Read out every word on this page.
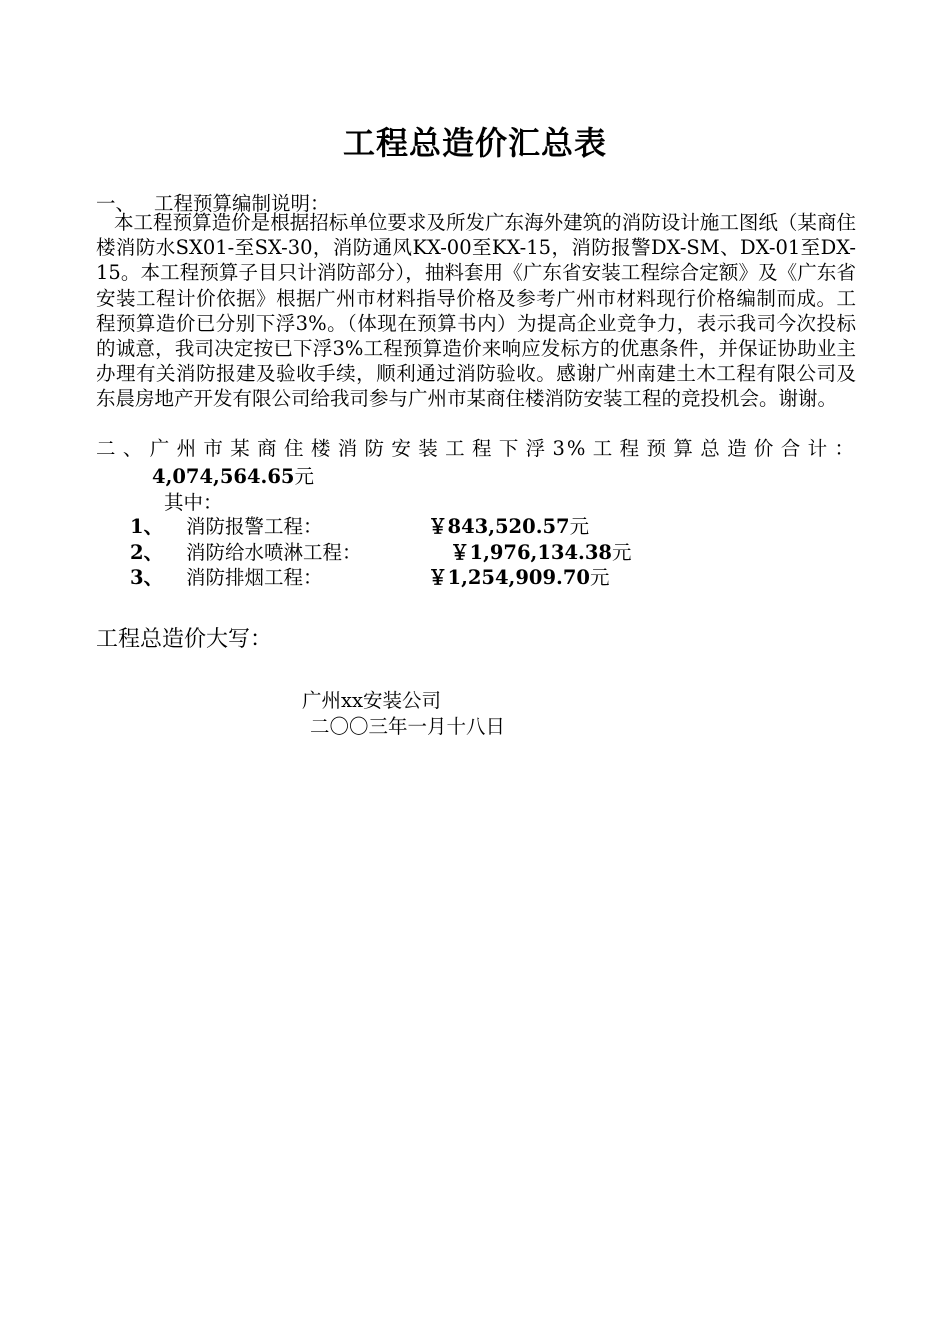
工程总造价汇总表
一、 工程预算编制说明：
本工程预算造价是根据招标单位要求及所发广东海外建筑的消防设计施工图纸（某商住楼消防水SX01-至SX-30，消防通风KX-00至KX-15，消防报警DX-SM、DX-01至DX-15。本工程预算子目只计消防部分），抽料套用《广东省安装工程综合定额》及《广东省安装工程计价依据》根据广州市材料指导价格及参考广州市材料现行价格编制而成。工程预算造价已分别下浮3%。（体现在预算书内）为提高企业竞争力，表示我司今次投标的诚意，我司决定按已下浮3%工程预算造价来响应发标方的优惠条件，并保证协助业主办理有关消防报建及验收手续，顺利通过消防验收。感谢广州南建土木工程有限公司及东晨房地产开发有限公司给我司参与广州市某商住楼消防安装工程的竞投机会。谢谢。
二、广州市某商住楼消防安装工程下浮3%工程预算总造价合计：
4,074,564.65元
其中：
1、 消防报警工程：	￥843,520.57元
2、 消防给水喷淋工程：	￥1,976,134.38元
3、 消防排烟工程：	￥1,254,909.70元
工程总造价大写：
广州xx安装公司
二〇〇三年一月十八日
